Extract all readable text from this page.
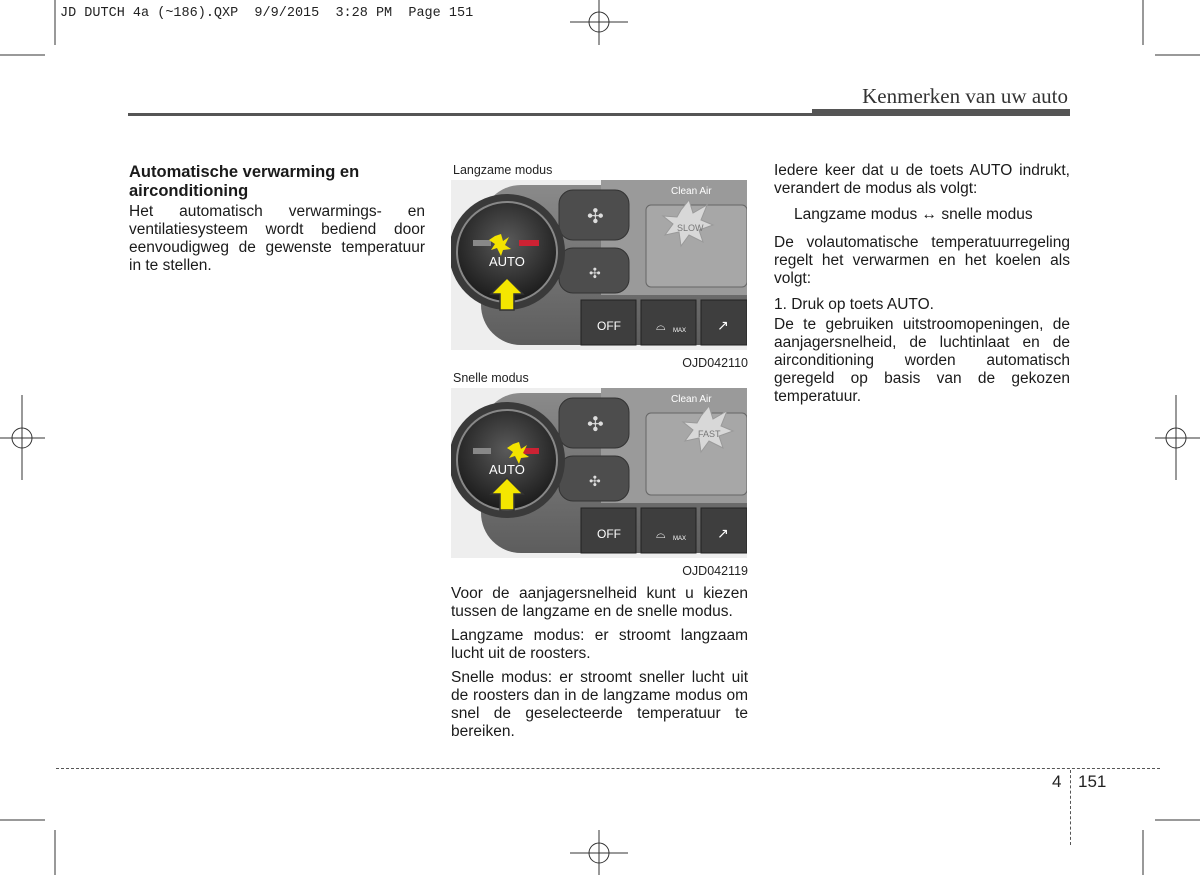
JD DUTCH 4a (~186).QXP  9/9/2015  3:28 PM  Page 151
Kenmerken van uw auto
Automatische verwarming en airconditioning

Het automatisch verwarmings- en ventilatiesysteem wordt bediend door eenvoudigweg de gewenste temperatuur in te stellen.

Langzame modus
SLOW
Clean Air
✣
✣
OFF	⌓ MAX ↗
AUTO
OJD042110
Snelle modus
FAST
Clean Air
✣
✣
OFF	⌓ MAX ↗
AUTO
OJD042119

Voor de aanjagersnelheid kunt u kiezen tussen de langzame en de snelle modus.

Langzame modus: er stroomt langzaam lucht uit de roosters.

Snelle modus: er stroomt sneller lucht uit de roosters dan in de langzame modus om snel de geselecteerde temperatuur te bereiken.

Iedere keer dat u de toets AUTO indrukt, verandert de modus als volgt:

Langzame modus ↔ snelle modus

De volautomatische temperatuurregeling regelt het verwarmen en het koelen als volgt:

1. Druk op toets AUTO.

De te gebruiken uitstroomopeningen, de aanjagersnelheid, de luchtinlaat en de airconditioning worden automatisch geregeld op basis van de gekozen temperatuur.

4 151
